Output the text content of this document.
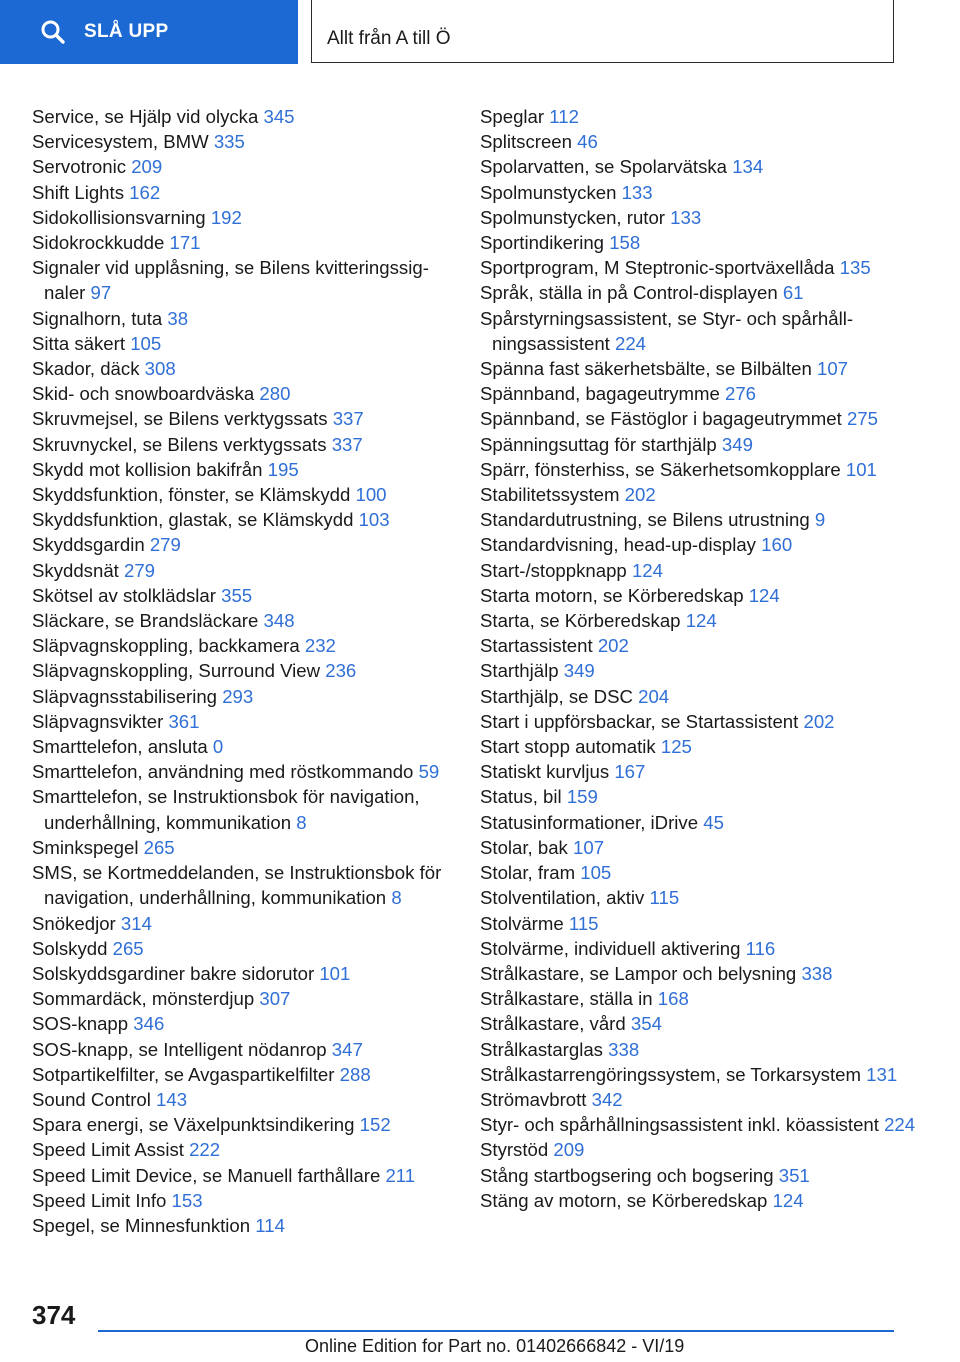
SLÅ UPP	Allt från A till Ö
Service, se Hjälp vid olycka 345
Servicesystem, BMW 335
Servotronic 209
Shift Lights 162
Sidokollisionsvarning 192
Sidokrockkudde 171
Signaler vid upplåsning, se Bilens kvitteringssignaler 97
Signalhorn, tuta 38
Sitta säkert 105
Skador, däck 308
Skid- och snowboardväska 280
Skruvmejsel, se Bilens verktygssats 337
Skruvnyckel, se Bilens verktygssats 337
Skydd mot kollision bakifrån 195
Skyddsfunktion, fönster, se Klämskydd 100
Skyddsfunktion, glastak, se Klämskydd 103
Skyddsgardin 279
Skyddsnät 279
Skötsel av stolklädslar 355
Släckare, se Brandsläckare 348
Släpvagnskoppling, backkamera 232
Släpvagnskoppling, Surround View 236
Släpvagnsstabilisering 293
Släpvagnsvikter 361
Smarttelefon, ansluta 0
Smarttelefon, användning med röstkommando 59
Smarttelefon, se Instruktionsbok för navigation, underhållning, kommunikation 8
Sminkspegel 265
SMS, se Kortmeddelanden, se Instruktionsbok för navigation, underhållning, kommunikation 8
Snökedjor 314
Solskydd 265
Solskyddsgardiner bakre sidorutor 101
Sommardäck, mönsterdjup 307
SOS-knapp 346
SOS-knapp, se Intelligent nödanrop 347
Sotpartikelfilter, se Avgaspartikelfilter 288
Sound Control 143
Spara energi, se Växelpunktsindikering 152
Speed Limit Assist 222
Speed Limit Device, se Manuell farthållare 211
Speed Limit Info 153
Spegel, se Minnesfunktion 114
Speglar 112
Splitscreen 46
Spolarvatten, se Spolarvätska 134
Spolmunstycken 133
Spolmunstycken, rutor 133
Sportindikering 158
Sportprogram, M Steptronic-sportväxellåda 135
Språk, ställa in på Control-displayen 61
Spårstyrningsassistent, se Styr- och spårhållningsassistent 224
Spänna fast säkerhetsbälte, se Bilbälten 107
Spännband, bagageutrymme 276
Spännband, se Fästöglor i bagageutrymmet 275
Spänningsuttag för starthjälp 349
Spärr, fönsterhiss, se Säkerhetsomkopplare 101
Stabilitetssystem 202
Standardutrustning, se Bilens utrustning 9
Standardvisning, head-up-display 160
Start-/stoppknapp 124
Starta motorn, se Körberedskap 124
Starta, se Körberedskap 124
Startassistent 202
Starthjälp 349
Starthjälp, se DSC 204
Start i uppförsbackar, se Startassistent 202
Start stopp automatik 125
Statiskt kurvljus 167
Status, bil 159
Statusinformationer, iDrive 45
Stolar, bak 107
Stolar, fram 105
Stolventilation, aktiv 115
Stolvärme 115
Stolvärme, individuell aktivering 116
Strålkastare, se Lampor och belysning 338
Strålkastare, ställa in 168
Strålkastare, vård 354
Strålkastarglas 338
Strålkastarrengöringssystem, se Torkarsystem 131
Strömavbrott 342
Styr- och spårhållningsassistent inkl. köassistent 224
Styrstöd 209
Stång startbogsering och bogsering 351
Stäng av motorn, se Körberedskap 124
374
Online Edition for Part no. 01402666842 - VI/19
